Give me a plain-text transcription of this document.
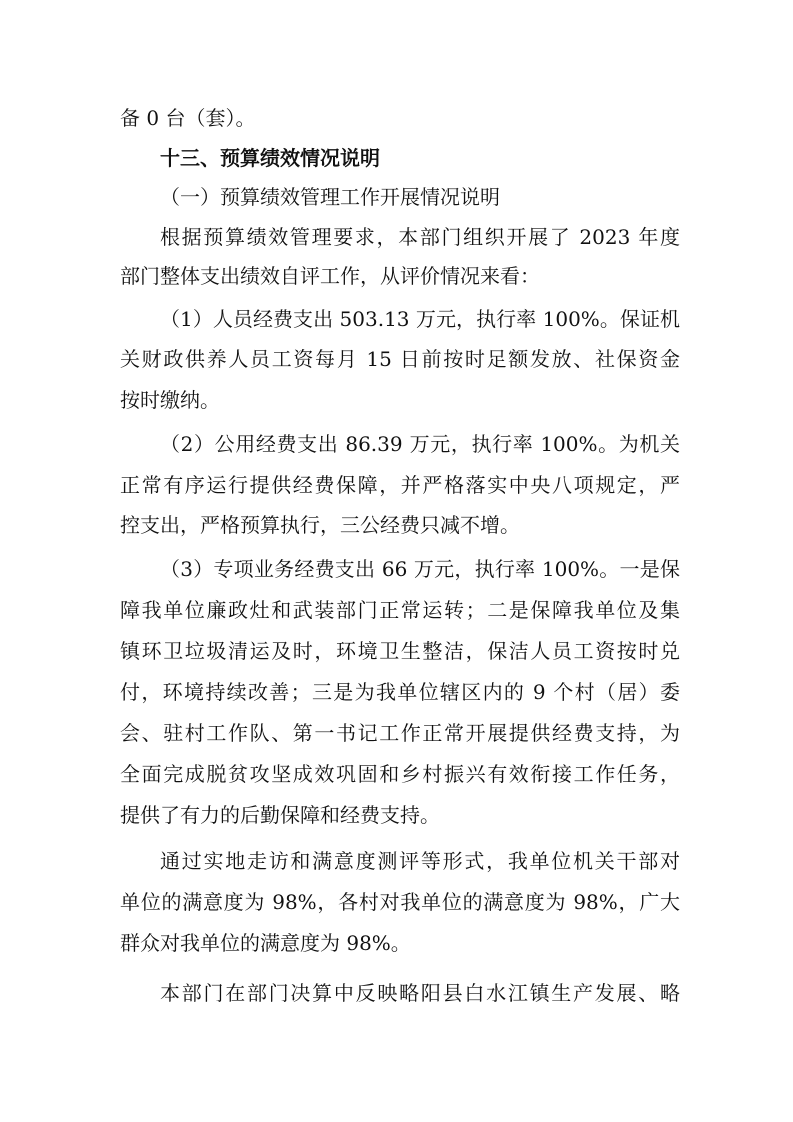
备 0 台（套）。
十三、预算绩效情况说明
（一）预算绩效管理工作开展情况说明
根据预算绩效管理要求，本部门组织开展了 2023 年度
部门整体支出绩效自评工作，从评价情况来看：
（1）人员经费支出 503.13 万元，执行率 100%。保证机
关财政供养人员工资每月 15 日前按时足额发放、社保资金
按时缴纳。
（2）公用经费支出 86.39 万元，执行率 100%。为机关
正常有序运行提供经费保障，并严格落实中央八项规定，严
控支出，严格预算执行，三公经费只减不增。
（3）专项业务经费支出 66 万元，执行率 100%。一是保
障我单位廉政灶和武装部门正常运转；二是保障我单位及集
镇环卫垃圾清运及时，环境卫生整洁，保洁人员工资按时兑
付，环境持续改善；三是为我单位辖区内的 9 个村（居）委
会、驻村工作队、第一书记工作正常开展提供经费支持，为
全面完成脱贫攻坚成效巩固和乡村振兴有效衔接工作任务，
提供了有力的后勤保障和经费支持。
通过实地走访和满意度测评等形式，我单位机关干部对
单位的满意度为 98%，各村对我单位的满意度为 98%，广大
群众对我单位的满意度为 98%。
本部门在部门决算中反映略阳县白水江镇生产发展、略
